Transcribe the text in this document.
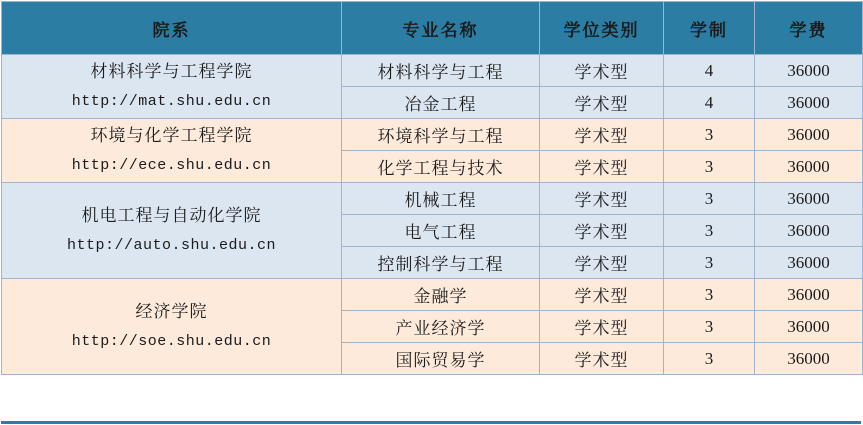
院系	专业名称	学位类别	学制	学费

材料科学与工程学院
http://mat.shu.edu.cn	材料科学与工程	学术型	4	36000
	冶金工程	学术型	4	36000

环境与化学工程学院
http://ece.shu.edu.cn	环境科学与工程	学术型	3	36000
	化学工程与技术	学术型	3	36000

机电工程与自动化学院
http://auto.shu.edu.cn	机械工程	学术型	3	36000
	电气工程	学术型	3	36000
	控制科学与工程	学术型	3	36000

经济学院
http://soe.shu.edu.cn	金融学	学术型	3	36000
	产业经济学	学术型	3	36000
	国际贸易学	学术型	3	36000
